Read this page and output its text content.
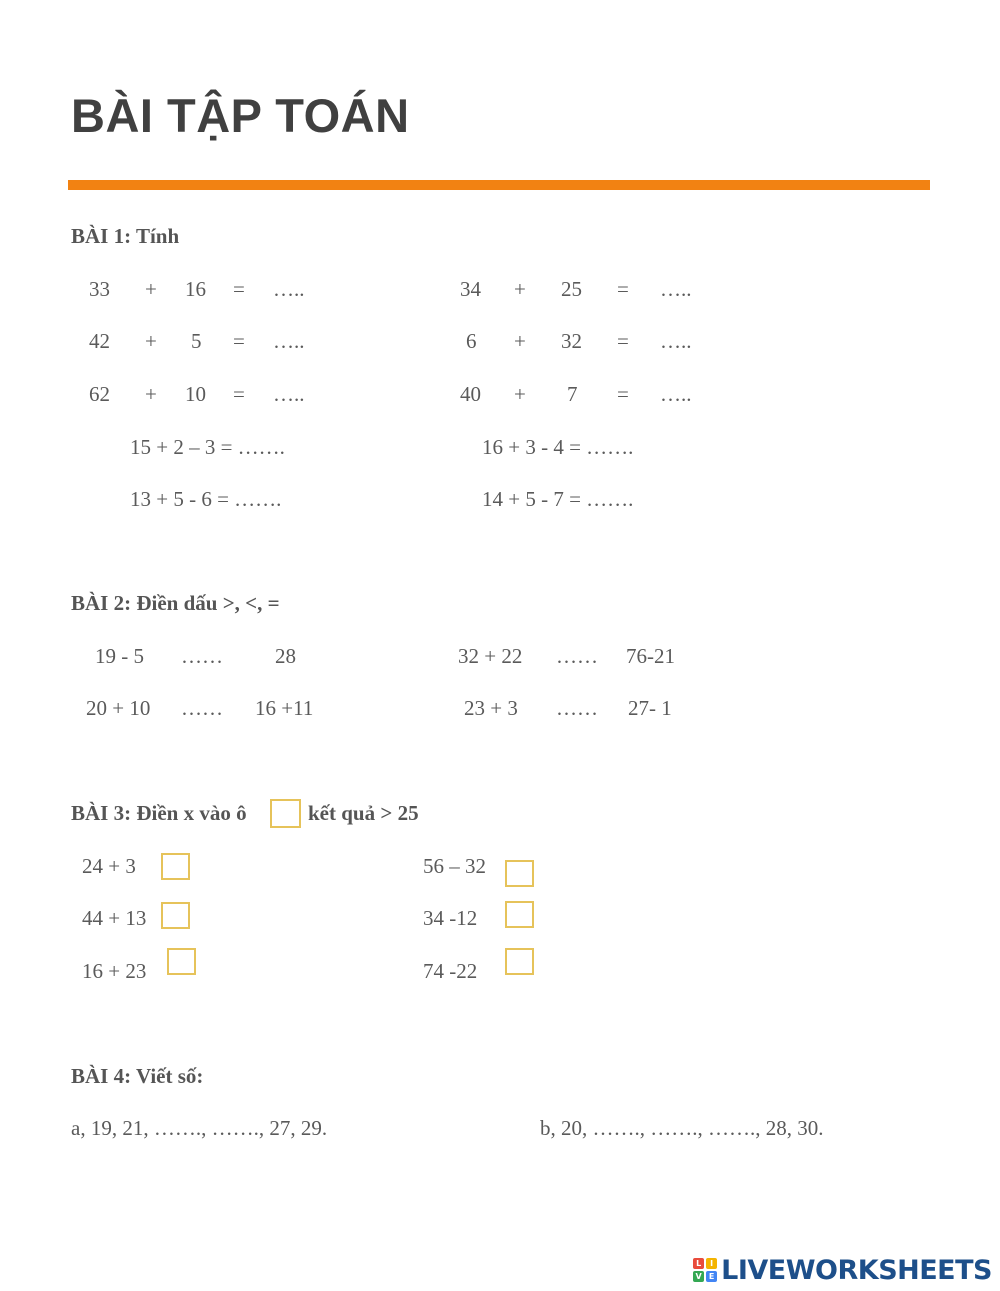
BÀI TẬP TOÁN
BÀI 1: Tính
33 + 16 = …..
42 + 5 = …..
62 + 10 = …..
34 + 25 = …..
6 + 32 = …..
40 + 7 = …..
15 + 2 – 3 = …….
13 + 5 - 6 = …….
16 + 3 - 4 = …….
14 + 5 - 7 = …….
BÀI 2: Điền dấu >, <, =
19 - 5 …… 28
20 + 10 …… 16 +11
32 + 22 …… 76-21
23 + 3 …… 27- 1
BÀI 3: Điền x vào ô	kết quả > 25
24 + 3
44 + 13
16 + 23
56 – 32
34 -12
74 -22
BÀI 4: Viết số:
a, 19, 21, ……., ……., 27, 29.	b, 20, ……., ……., ……., 28, 30.
L	I
V E LIVEWORKSHEETS
